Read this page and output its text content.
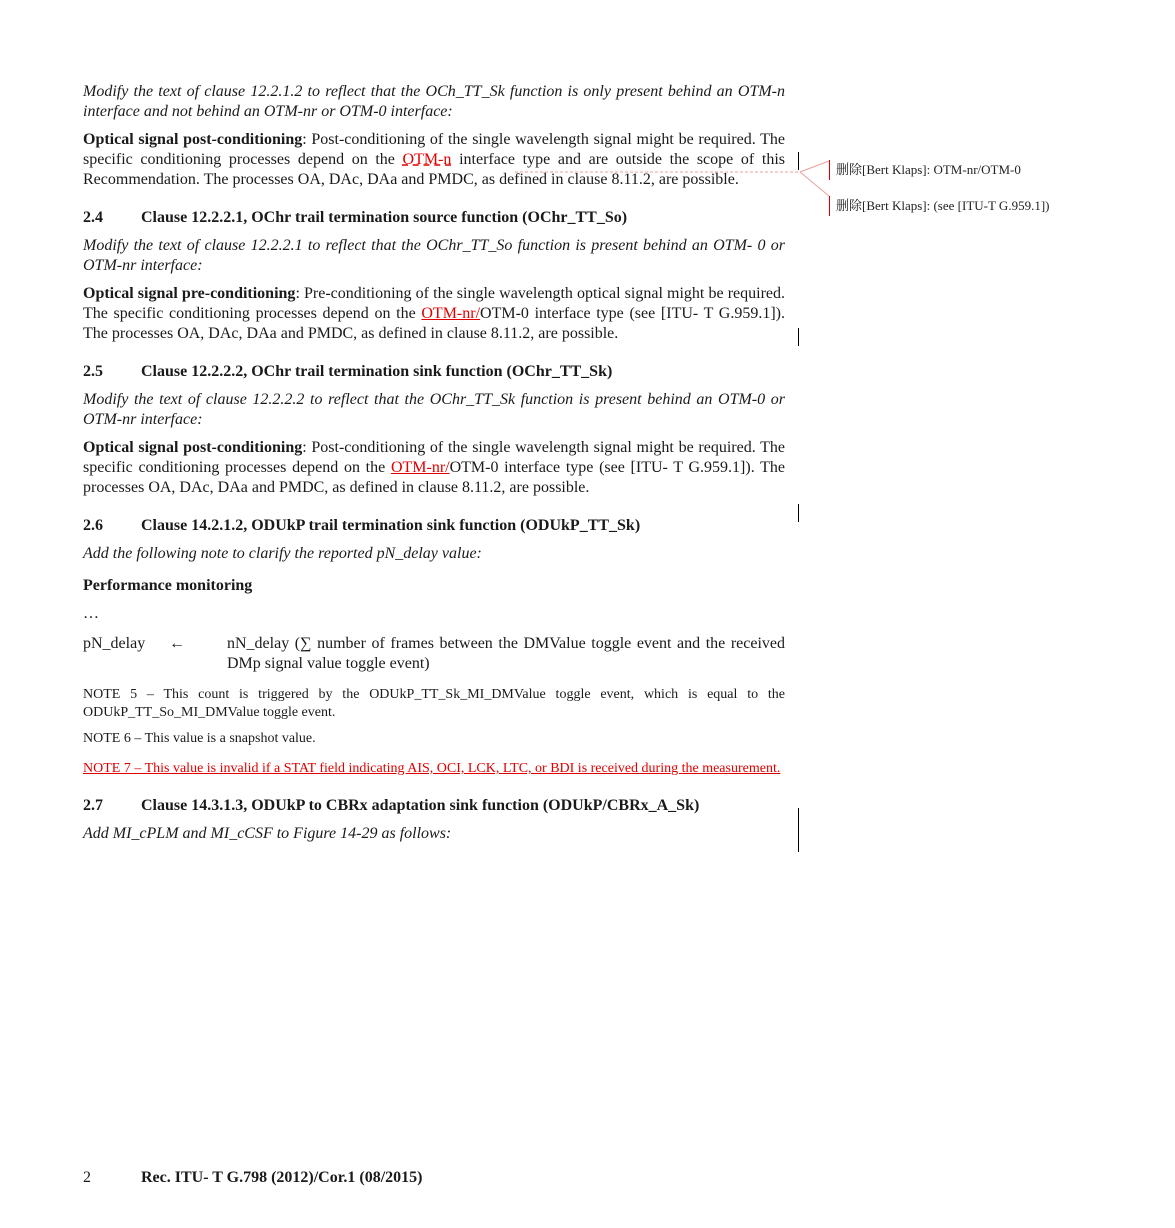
Modify the text of clause 12.2.1.2 to reflect that the OCh_TT_Sk function is only present behind an OTM-n interface and not behind an OTM-nr or OTM-0 interface:

Optical signal post-conditioning: Post-conditioning of the single wavelength signal might be required. The specific conditioning processes depend on the OTM-n interface type and are outside the scope of this Recommendation. The processes OA, DAc, DAa and PMDC, as defined in clause 8.11.2, are possible.

2.4	Clause 12.2.2.1, OChr trail termination source function (OChr_TT_So)

Modify the text of clause 12.2.2.1 to reflect that the OChr_TT_So function is present behind an OTM- 0 or OTM-nr interface:

Optical signal pre-conditioning: Pre-conditioning of the single wavelength optical signal might be required. The specific conditioning processes depend on the OTM-nr/OTM-0 interface type (see [ITU- T G.959.1]). The processes OA, DAc, DAa and PMDC, as defined in clause 8.11.2, are possible.

2.5	Clause 12.2.2.2, OChr trail termination sink function (OChr_TT_Sk)

Modify the text of clause 12.2.2.2 to reflect that the OChr_TT_Sk function is present behind an OTM-0 or OTM-nr interface:

Optical signal post-conditioning: Post-conditioning of the single wavelength signal might be required. The specific conditioning processes depend on the OTM-nr/OTM-0 interface type (see [ITU- T G.959.1]). The processes OA, DAc, DAa and PMDC, as defined in clause 8.11.2, are possible.

2.6	Clause 14.2.1.2, ODUkP trail termination sink function (ODUkP_TT_Sk)

Add the following note to clarify the reported pN_delay value:

Performance monitoring

…

pN_delay	←	nN_delay (∑ number of frames between the DMValue toggle event and the received DMp signal value toggle event)

NOTE 5 – This count is triggered by the ODUkP_TT_Sk_MI_DMValue toggle event, which is equal to the ODUkP_TT_So_MI_DMValue toggle event.

NOTE 6 – This value is a snapshot value.

NOTE 7 – This value is invalid if a STAT field indicating AIS, OCI, LCK, LTC, or BDI is received during the measurement.

2.7	Clause 14.3.1.3, ODUkP to CBRx adaptation sink function (ODUkP/CBRx_A_Sk)

Add MI_cPLM and MI_cCSF to Figure 14-29 as follows:

删除[Bert Klaps]: OTM-nr/OTM-0
删除[Bert Klaps]: (see [ITU-T G.959.1])
2	Rec. ITU- T G.798 (2012)/Cor.1 (08/2015)
